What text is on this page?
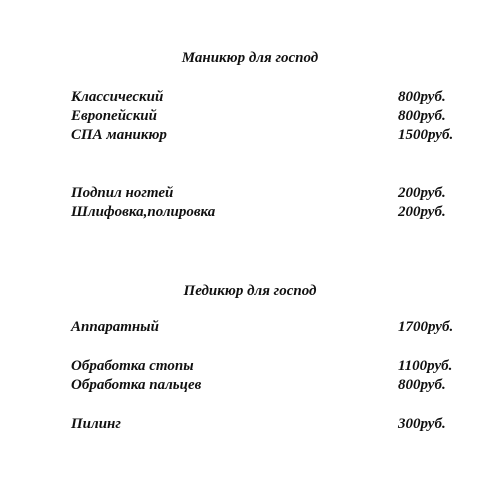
Маникюр для господ
Классический	800руб.
Европейский	800руб.
СПА маникюр	1500руб.
Подпил ногтей	200руб.
Шлифовка,полировка	200руб.
Педикюр для господ
Аппаратный	1700руб.
Обработка стопы	1100руб.
Обработка пальцев	800руб.
Пилинг	300руб.
